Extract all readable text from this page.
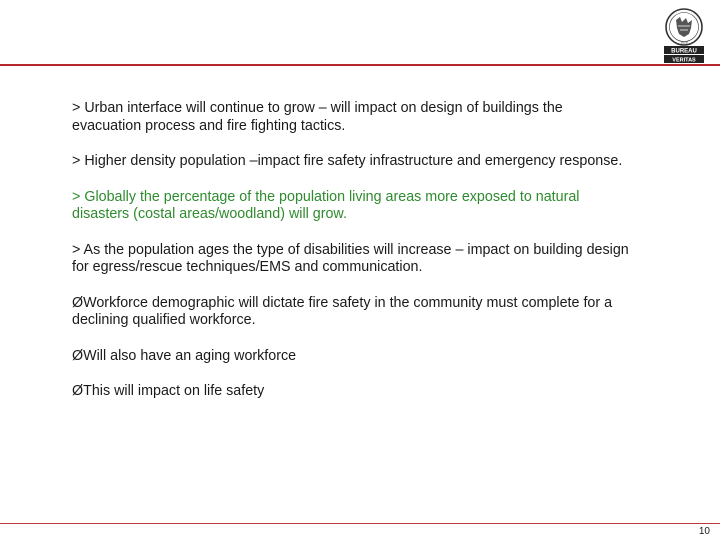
BUREAU
VERITAS
1828

> Urban interface will continue to grow – will impact on design of buildings the evacuation process and fire fighting tactics.

> Higher density population –impact fire safety infrastructure and emergency response.

> Globally the percentage of the population living areas more exposed to natural disasters (costal areas/woodland) will grow.

> As the population ages the type of disabilities will increase – impact on building design for egress/rescue techniques/EMS and communication.

ØWorkforce demographic will dictate fire safety in the community must complete for a declining qualified workforce.

ØWill also have an aging workforce

ØThis will impact on life safety

10
